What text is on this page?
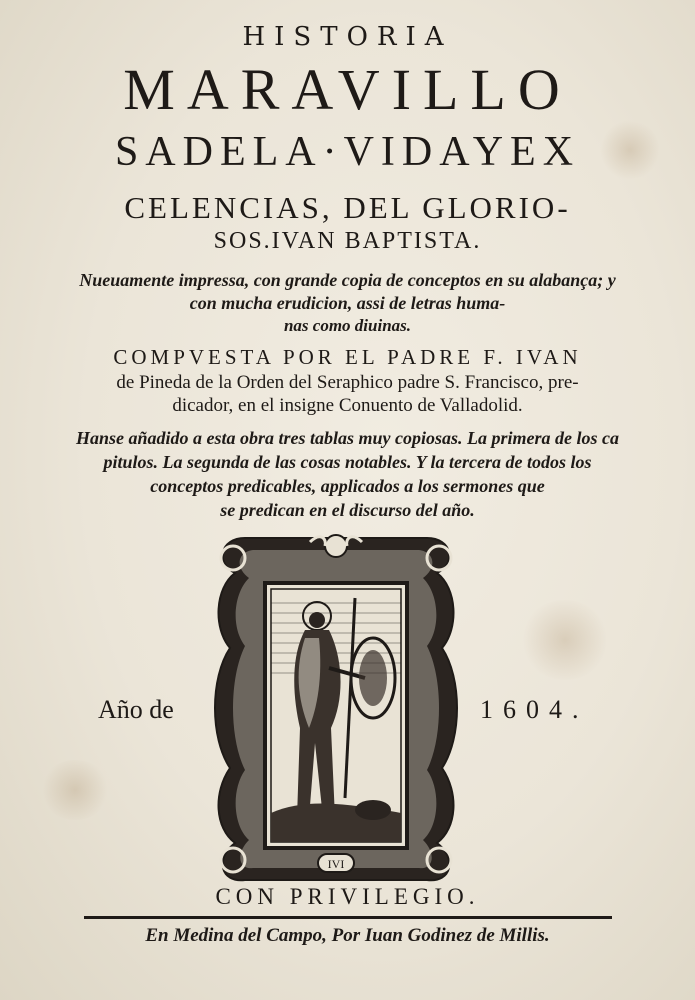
HISTORIA
MARAVILLO
SADELA·VIDAYEX
CELENCIAS, DEL GLORIO-
SOS.IVAN BAPTISTA.
Nueuamente impressa, con grande copia de conceptos en su alabança; y
con mucha erudicion, assi de letras huma-
nas como diuinas.
COMPVESTA POR EL PADRE F. IVAN
de Pineda de la Orden del Seraphico padre S. Francisco, pre-
dicador, en el insigne Conuento de Valladolid.
Hanse añadido a esta obra tres tablas muy copiosas. La primera de los ca
pitulos. La segunda de las cosas notables. Y la tercera de todos los
conceptos predicables, applicados a los sermones que
se predican en el discurso del año.
IVI
Año de	1604.
CON PRIVILEGIO.
En Medina del Campo, Por Iuan Godinez de Millis.
